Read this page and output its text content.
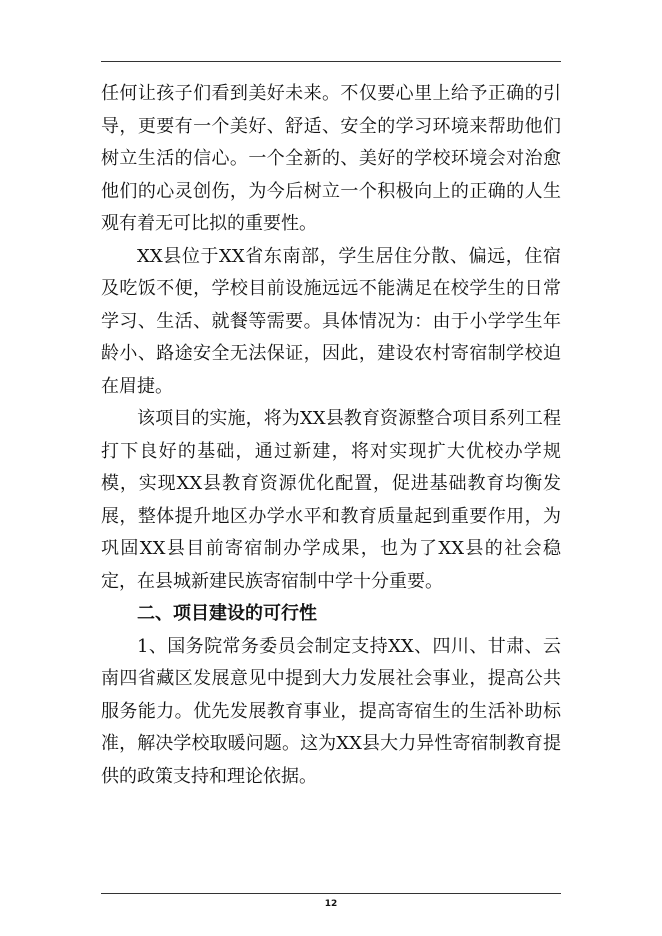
任何让孩子们看到美好未来。不仅要心里上给予正确的引导，更要有一个美好、舒适、安全的学习环境来帮助他们树立生活的信心。一个全新的、美好的学校环境会对治愈他们的心灵创伤，为今后树立一个积极向上的正确的人生观有着无可比拟的重要性。

XX县位于XX省东南部，学生居住分散、偏远，住宿及吃饭不便，学校目前设施远远不能满足在校学生的日常学习、生活、就餐等需要。具体情况为：由于小学学生年龄小、路途安全无法保证，因此，建设农村寄宿制学校迫在眉捷。

该项目的实施，将为XX县教育资源整合项目系列工程打下良好的基础，通过新建，将对实现扩大优校办学规模，实现XX县教育资源优化配置，促进基础教育均衡发展，整体提升地区办学水平和教育质量起到重要作用，为巩固XX县目前寄宿制办学成果，也为了XX县的社会稳定，在县城新建民族寄宿制中学十分重要。

二、项目建设的可行性

1、国务院常务委员会制定支持XX、四川、甘肃、云南四省藏区发展意见中提到大力发展社会事业，提高公共服务能力。优先发展教育事业，提高寄宿生的生活补助标准，解决学校取暖问题。这为XX县大力异性寄宿制教育提供的政策支持和理论依据。

12
